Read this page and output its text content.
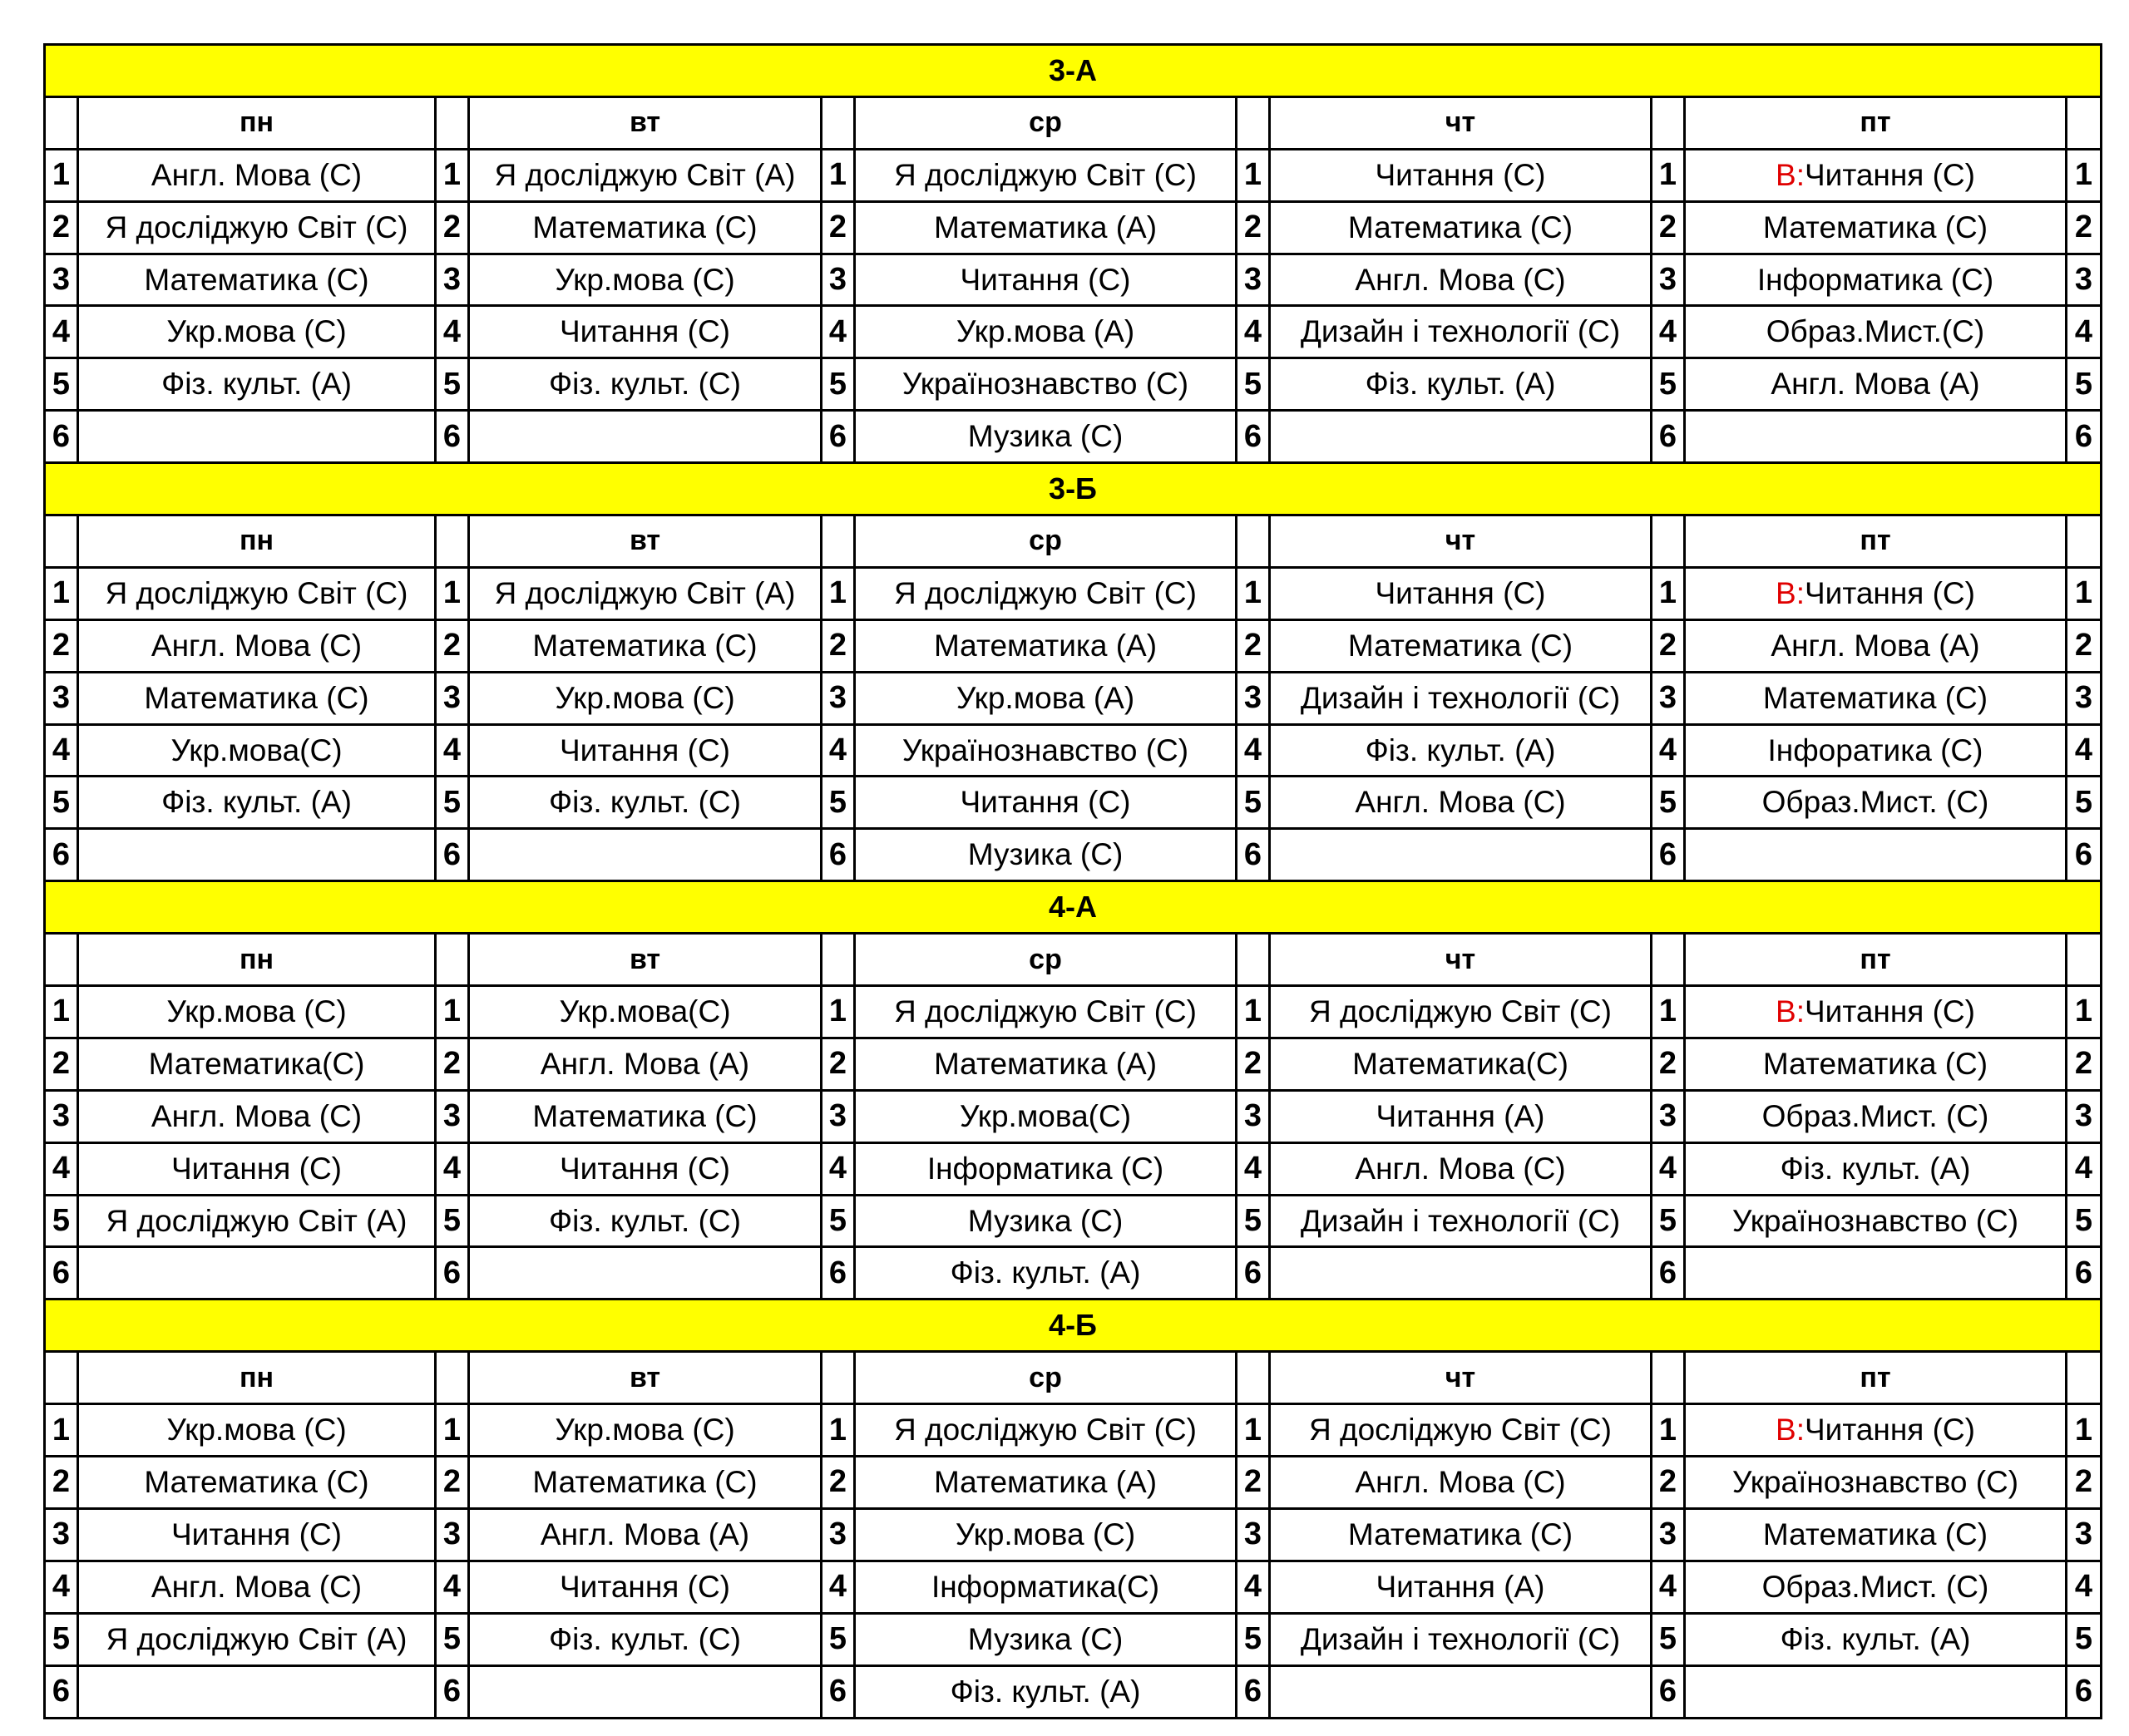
3-А										
	пн		вт		ср		чт		пт	
1	Англ. Мова (С)	1	Я досліджую Світ (А)	1	Я досліджую Світ (С)	1	Читання (С)	1	В:Читання (С)	1
2	Я досліджую Світ (С)	2	Математика (С)	2	Математика (А)	2	Математика (С)	2	Математика (С)	2
3	Математика (С)	3	Укр.мова (С)	3	Читання (С)	3	Англ. Мова (С)	3	Інформатика (С)	3
4	Укр.мова (С)	4	Читання (С)	4	Укр.мова (А)	4	Дизайн і технології (С)	4	Образ.Мист.(С)	4
5	Фіз. культ. (А)	5	Фіз. культ. (С)	5	Українознавство (С)	5	Фіз. культ. (А)	5	Англ. Мова (А)	5
6		6		6	Музика (С)	6		6		6
3-Б										
	пн		вт		ср		чт		пт	
1	Я досліджую Світ (С)	1	Я досліджую Світ (А)	1	Я досліджую Світ (С)	1	Читання (С)	1	В:Читання (С)	1
2	Англ. Мова (С)	2	Математика (С)	2	Математика (А)	2	Математика (С)	2	Англ. Мова (А)	2
3	Математика (С)	3	Укр.мова (С)	3	Укр.мова (А)	3	Дизайн і технології (С)	3	Математика (С)	3
4	Укр.мова(С)	4	Читання (С)	4	Українознавство (С)	4	Фіз. культ. (А)	4	Інфоратика (С)	4
5	Фіз. культ. (А)	5	Фіз. культ. (С)	5	Читання (С)	5	Англ. Мова (С)	5	Образ.Мист. (С)	5
6		6		6	Музика (С)	6		6		6
4-А										
	пн		вт		ср		чт		пт	
1	Укр.мова (С)	1	Укр.мова(С)	1	Я досліджую Світ (С)	1	Я досліджую Світ (С)	1	В:Читання (С)	1
2	Математика(С)	2	Англ. Мова (А)	2	Математика (А)	2	Математика(С)	2	Математика (С)	2
3	Англ. Мова (С)	3	Математика (С)	3	Укр.мова(С)	3	Читання (А)	3	Образ.Мист. (С)	3
4	Читання (С)	4	Читання (С)	4	Інформатика (С)	4	Англ. Мова (С)	4	Фіз. культ. (А)	4
5	Я досліджую Світ (А)	5	Фіз. культ. (С)	5	Музика (С)	5	Дизайн і технології (С)	5	Українознавство (С)	5
6		6		6	Фіз. культ. (А)	6		6		6
4-Б										
	пн		вт		ср		чт		пт	
1	Укр.мова (С)	1	Укр.мова (С)	1	Я досліджую Світ (С)	1	Я досліджую Світ (С)	1	В:Читання (С)	1
2	Математика (С)	2	Математика (С)	2	Математика (А)	2	Англ. Мова (С)	2	Українознавство (С)	2
3	Читання (С)	3	Англ. Мова (А)	3	Укр.мова (С)	3	Математика (С)	3	Математика (С)	3
4	Англ. Мова (С)	4	Читання (С)	4	Інформатика(С)	4	Читання (А)	4	Образ.Мист. (С)	4
5	Я досліджую Світ (А)	5	Фіз. культ. (С)	5	Музика (С)	5	Дизайн і технології (С)	5	Фіз. культ. (А)	5
6		6		6	Фіз. культ. (А)	6		6		6
